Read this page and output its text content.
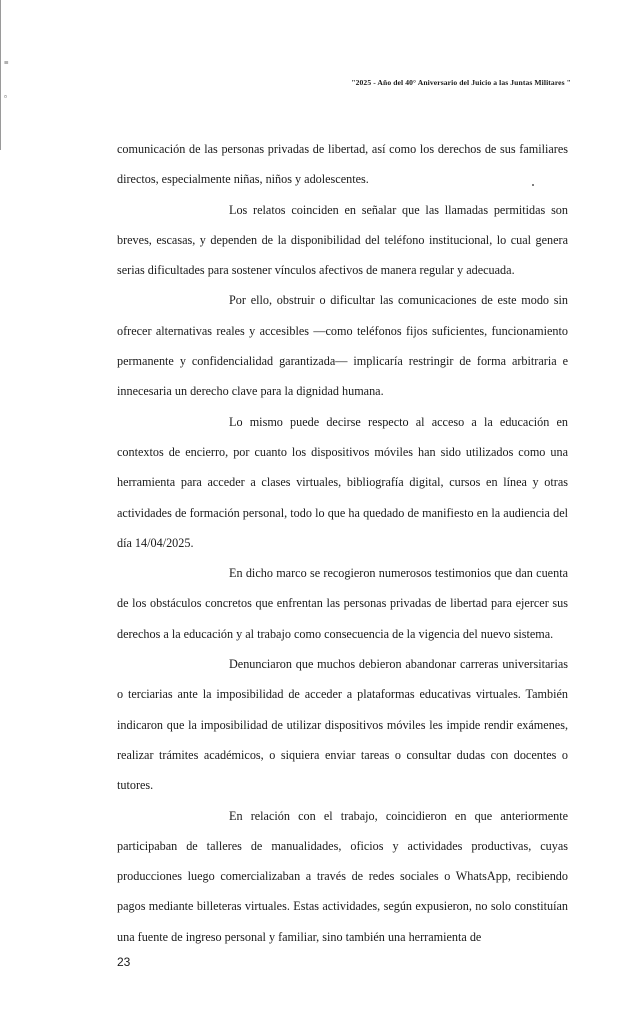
≡
▫
"2025 - Año del 40° Aniversario del Juicio a las Juntas Militares "

comunicación de las personas privadas de libertad, así como los derechos de sus familiares directos, especialmente niñas, niños y adolescentes.

Los relatos coinciden en señalar que las llamadas permitidas son breves, escasas, y dependen de la disponibilidad del teléfono institucional, lo cual genera serias dificultades para sostener vínculos afectivos de manera regular y adecuada.

Por ello, obstruir o dificultar las comunicaciones de este modo sin ofrecer alternativas reales y accesibles —como teléfonos fijos suficientes, funcionamiento permanente y confidencialidad garantizada— implicaría restringir de forma arbitraria e innecesaria un derecho clave para la dignidad humana.

Lo mismo puede decirse respecto al acceso a la educación en contextos de encierro, por cuanto los dispositivos móviles han sido utilizados como una herramienta para acceder a clases virtuales, bibliografía digital, cursos en línea y otras actividades de formación personal, todo lo que ha quedado de manifiesto en la audiencia del día 14/04/2025.

En dicho marco se recogieron numerosos testimonios que dan cuenta de los obstáculos concretos que enfrentan las personas privadas de libertad para ejercer sus derechos a la educación y al trabajo como consecuencia de la vigencia del nuevo sistema.

Denunciaron que muchos debieron abandonar carreras universitarias o terciarias ante la imposibilidad de acceder a plataformas educativas virtuales. También indicaron que la imposibilidad de utilizar dispositivos móviles les impide rendir exámenes, realizar trámites académicos, o siquiera enviar tareas o consultar dudas con docentes o tutores.

En relación con el trabajo, coincidieron en que anteriormente participaban de talleres de manualidades, oficios y actividades productivas, cuyas producciones luego comercializaban a través de redes sociales o WhatsApp, recibiendo pagos mediante billeteras virtuales. Estas actividades, según expusieron, no solo constituían una fuente de ingreso personal y familiar, sino también una herramienta de

23
